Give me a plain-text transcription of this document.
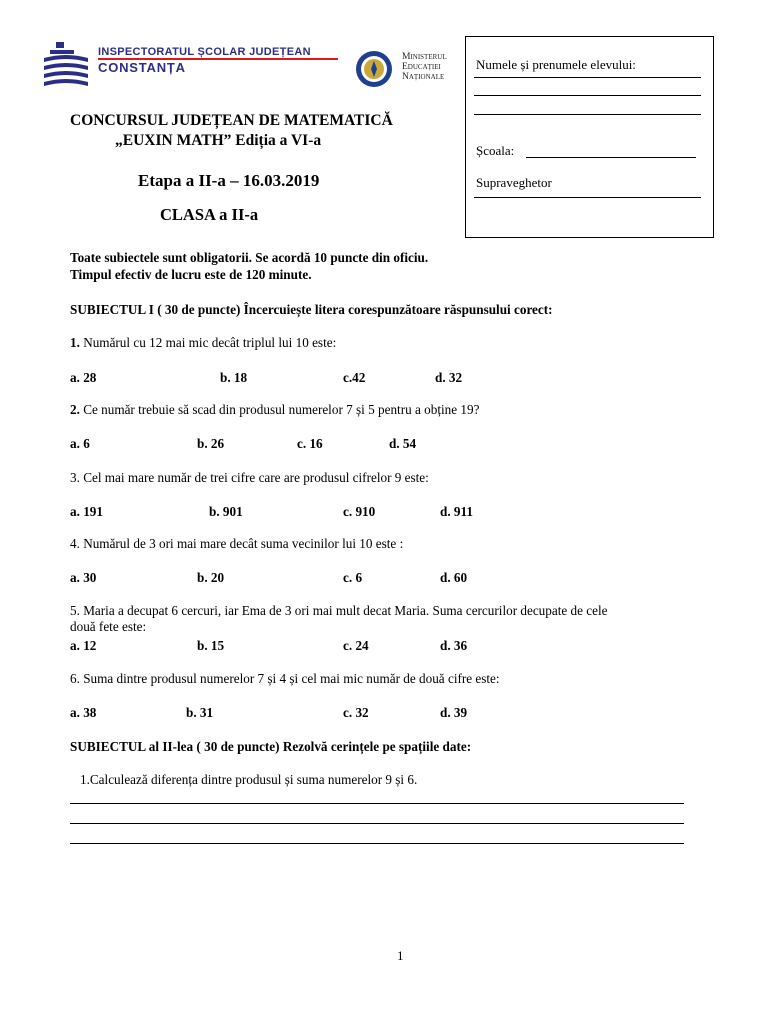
INSPECTORATUL ȘCOLAR JUDEȚEAN
CONSTANȚA
Ministerul
Educației
Naționale
Numele și prenumele elevului:
Școala:
Supraveghetor
CONCURSUL JUDEȚEAN DE MATEMATICĂ
„EUXIN MATH” Ediția a VI-a
Etapa a II-a – 16.03.2019
CLASA a II-a
Toate subiectele sunt obligatorii. Se acordă 10 puncte din oficiu.
Timpul efectiv de lucru este de 120 minute.
SUBIECTUL I ( 30 de puncte) Încercuiește litera corespunzătoare răspunsului corect:
1. Numărul cu 12 mai mic decât triplul lui 10 este:
a. 28	b. 18	c.42	d. 32
2. Ce număr trebuie să scad din produsul numerelor 7 și 5 pentru a obține 19?
a. 6	b. 26	c. 16	d. 54
3. Cel mai mare număr de trei cifre care are produsul cifrelor 9 este:
a. 191	b. 901	c. 910	d. 911
4. Numărul de 3 ori mai mare decât suma vecinilor lui 10 este :
a. 30	b. 20	c. 6	d. 60
5. Maria a decupat 6 cercuri, iar Ema de 3 ori mai mult decat Maria. Suma cercurilor decupate de cele
două fete este:
a. 12	b. 15	c. 24	d. 36
6. Suma dintre produsul numerelor 7 și 4 și cel mai mic număr de două cifre este:
a. 38	b. 31	c. 32	d. 39
SUBIECTUL al II-lea ( 30 de puncte) Rezolvă cerințele pe spațiile date:
1.Calculează diferența dintre produsul și suma numerelor 9 și 6.
1
